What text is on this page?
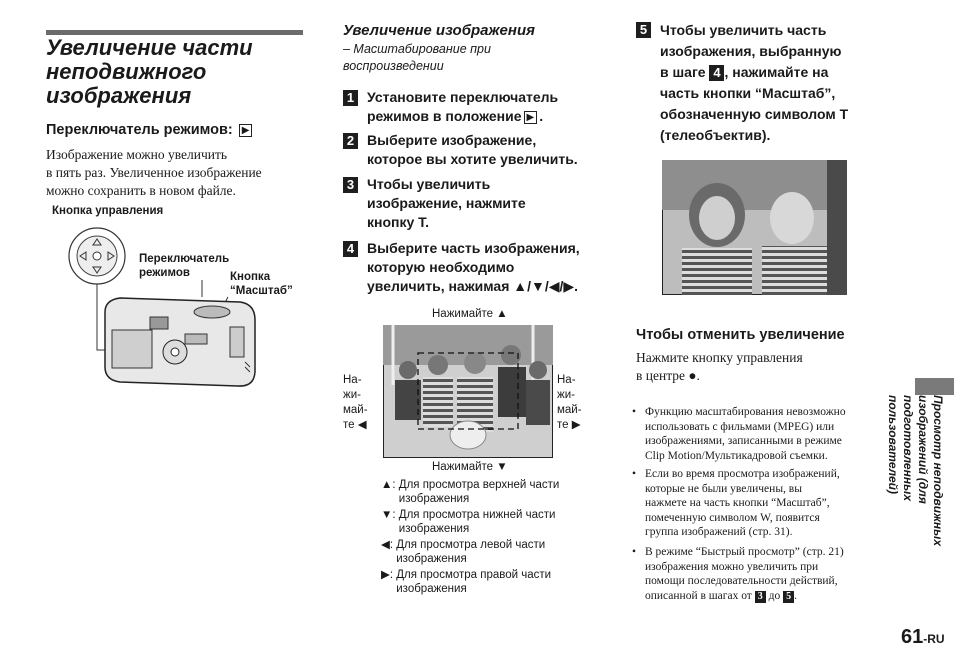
Увеличение части
неподвижного
изображения
Переключатель режимов: ▶
Изображение можно увеличить
в пять раз. Увеличенное изображение
можно сохранить в новом файле.
Кнопка управления
Переключатель
режимов	Кнопка
“Масштаб”
Увеличение изображения
– Масштабирование при
воспроизведении
1 Установите переключатель
режимов в положение ▶ .
2 Выберите изображение,
которое вы хотите увеличить.
3 Чтобы увеличить
изображение, нажмите
кнопку T.
4 Выберите часть изображения,
которую необходимо
увеличить, нажимая ▲/▼/◀/▶.
Нажимайте ▲
Нажимайте ▼
На-
жи-
май-
те ◀
На-
жи-
май-
те ▶
▲ : Для просмотра верхней части
изображения
▼ : Для просмотра нижней части
изображения
◀ : Для просмотра левой части
изображения
▶ : Для просмотра правой части
изображения
5 Чтобы увеличить часть
изображения, выбранную
в шаге 4 , нажимайте на
часть кнопки “Масштаб”,
обозначенную символом T
(телеобъектив).
Чтобы отменить увеличение
Нажмите кнопку управления
в центре ●.
• Функцию масштабирования невозможно
использовать с фильмами (MPEG) или
изображениями, записанными в режиме
Clip Motion/Мультикадровой съемки.
• Если во время просмотра изображений,
которые не были увеличены, вы
нажмете на часть кнопки “Масштаб”,
помеченную символом W, появится
группа изображений (стр. 31).
• В режиме “Быстрый просмотр” (стр. 21)
изображения можно увеличить при
помощи последовательности действий,
описанной в шагах от 3 до 5 .
Просмотр неподвижных
изображений (для подготовленных
пользователей)
61-RU
